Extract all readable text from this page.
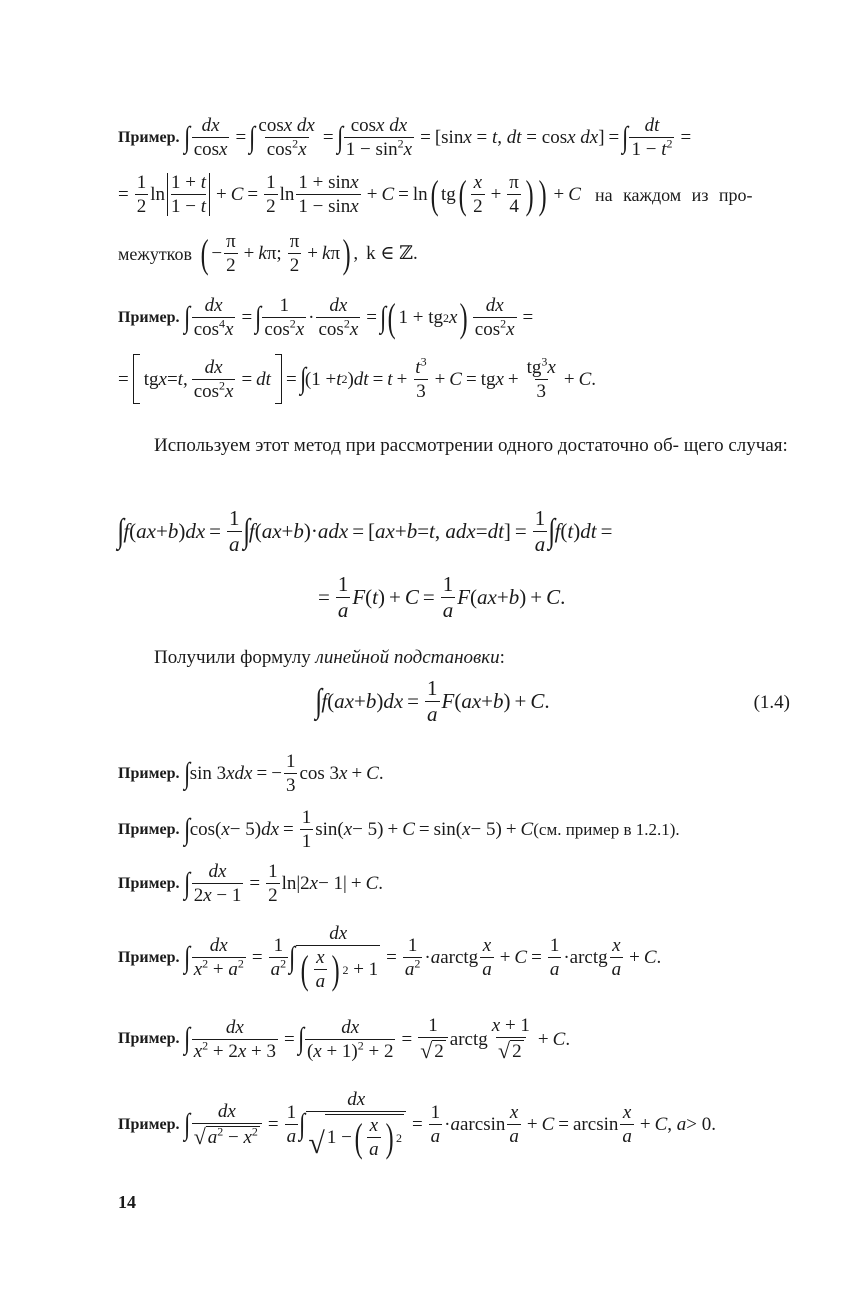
Пример. ∫ $\frac{dx}{\cos x}$ = ∫ $\frac{\text{cosx dx}}{\cos^2x}$ = ∫ $\frac{\text{cosx dx}}{1 - \sin^2x} = [\sin x = t$, dt = cosx dx] = ∫ $\frac{dt}{1 - t^2}$ =
= $\frac{1}{2}$ ln
1 + t
1 − t
+ $C = \frac{1}{2}$ $\ln \frac{1 + \sin x}{1 - \sin x} + C = \ln$ ( tg ( $\frac{x}{2} + \frac{\pi}{4}$ ) ) + C на каждом из про-
межутков ( − $\frac{\pi}{2} + k$ π; $\frac{\pi}{2} + k$ π ) , k ∈ ℤ.
Пример. ∫ $\frac{dx}{\cos^4x}$ = ∫ $\frac{1}{\cos^2x} \cdot \frac{dx}{\cos^2x}$ = ∫ ( 1 + tg 2 x ) $\frac{dx}{\cos^2x}$ =
= tg x = t , $\frac{dx}{\cos^2x}$ = dt = ∫ (1 + t 2 ) dt = $t + \frac{t^3}{3} + C$ = tg $x + \frac{tg^3x}{3} + C$ .
Используем этот метод при рассмотрении одного достаточно об- щего случая:
∫ f ( ax + b ) dx = $\frac{1}{a}$ ∫ f ( ax + b )· adx = [ ax + b = t , adx = dt ] = $\frac{1}{a}$ ∫ f ( t ) dt =
= $\frac{1}{a}$ F ( t ) + $C = \frac{1}{a}$ F ( ax + b ) + C .
Получили формулу линейной подстановки:
∫ f ( ax + b ) dx = $\frac{1}{a}$ F ( ax + b ) + C .	(1.4)
Пример. ∫ sin 3 xdx = − $\frac{1}{3}$ cos 3 x + C .
Пример. ∫ cos( x − 5) dx = $\frac{1}{1} \sin$( x − 5) + C = sin( x − 5) + C (см. пример в 1.2.1).
Пример. ∫ $\frac{dx}{2x - 1} = \frac{1}{2} \ln|2$ x − 1| + C .
Пример. ∫ $\frac{dx}{x^2 + a^2} = \frac{1}{a^2}$ ∫ $\frac{dx}{( \frac{x}{a} ) 2 + 1} = \frac{1}{a^2} \cdot a$ arctg $\frac{x}{a} + C = \frac{1}{a}$ ·arctg $\frac{x}{a} + C$ .
Пример. ∫ $\frac{dx}{x^2 + 2x + 3}$ = ∫ $\frac{dx}{(x + 1)^2 + 2} = \frac{1}{√ 2}$ arctg $\frac{x + 1}{√ 2} + C$ .
Пример. ∫ $\frac{dx}{√ a^2 - x^2} = \frac{1}{a}$ ∫ $\frac{dx}{√ 1 - ( \frac{x}{a} ) 2} = \frac{1}{a} \cdot a$ $\arcsin \frac{x}{a} + C = \arcsin \frac{x}{a} + C$ , a > 0.
14
